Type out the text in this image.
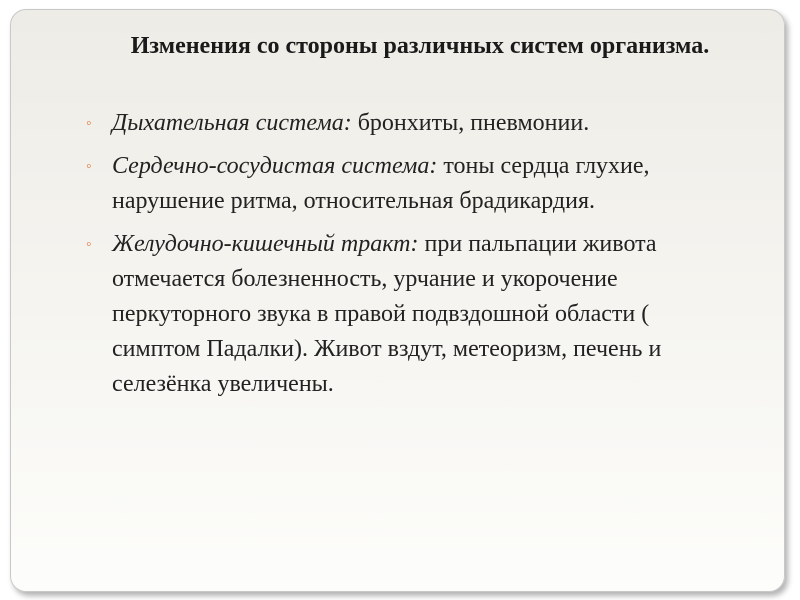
Изменения со стороны различных систем организма.
◦ Дыхательная система: бронхиты, пневмонии.
◦ Сердечно-сосудистая система: тоны сердца глухие, нарушение ритма, относительная брадикардия.
◦ Желудочно-кишечный тракт: при пальпации живота отмечается болезненность, урчание и укорочение перкуторного звука в правой подвздошной области ( симптом Падалки). Живот вздут, метеоризм, печень и селезёнка увеличены.
